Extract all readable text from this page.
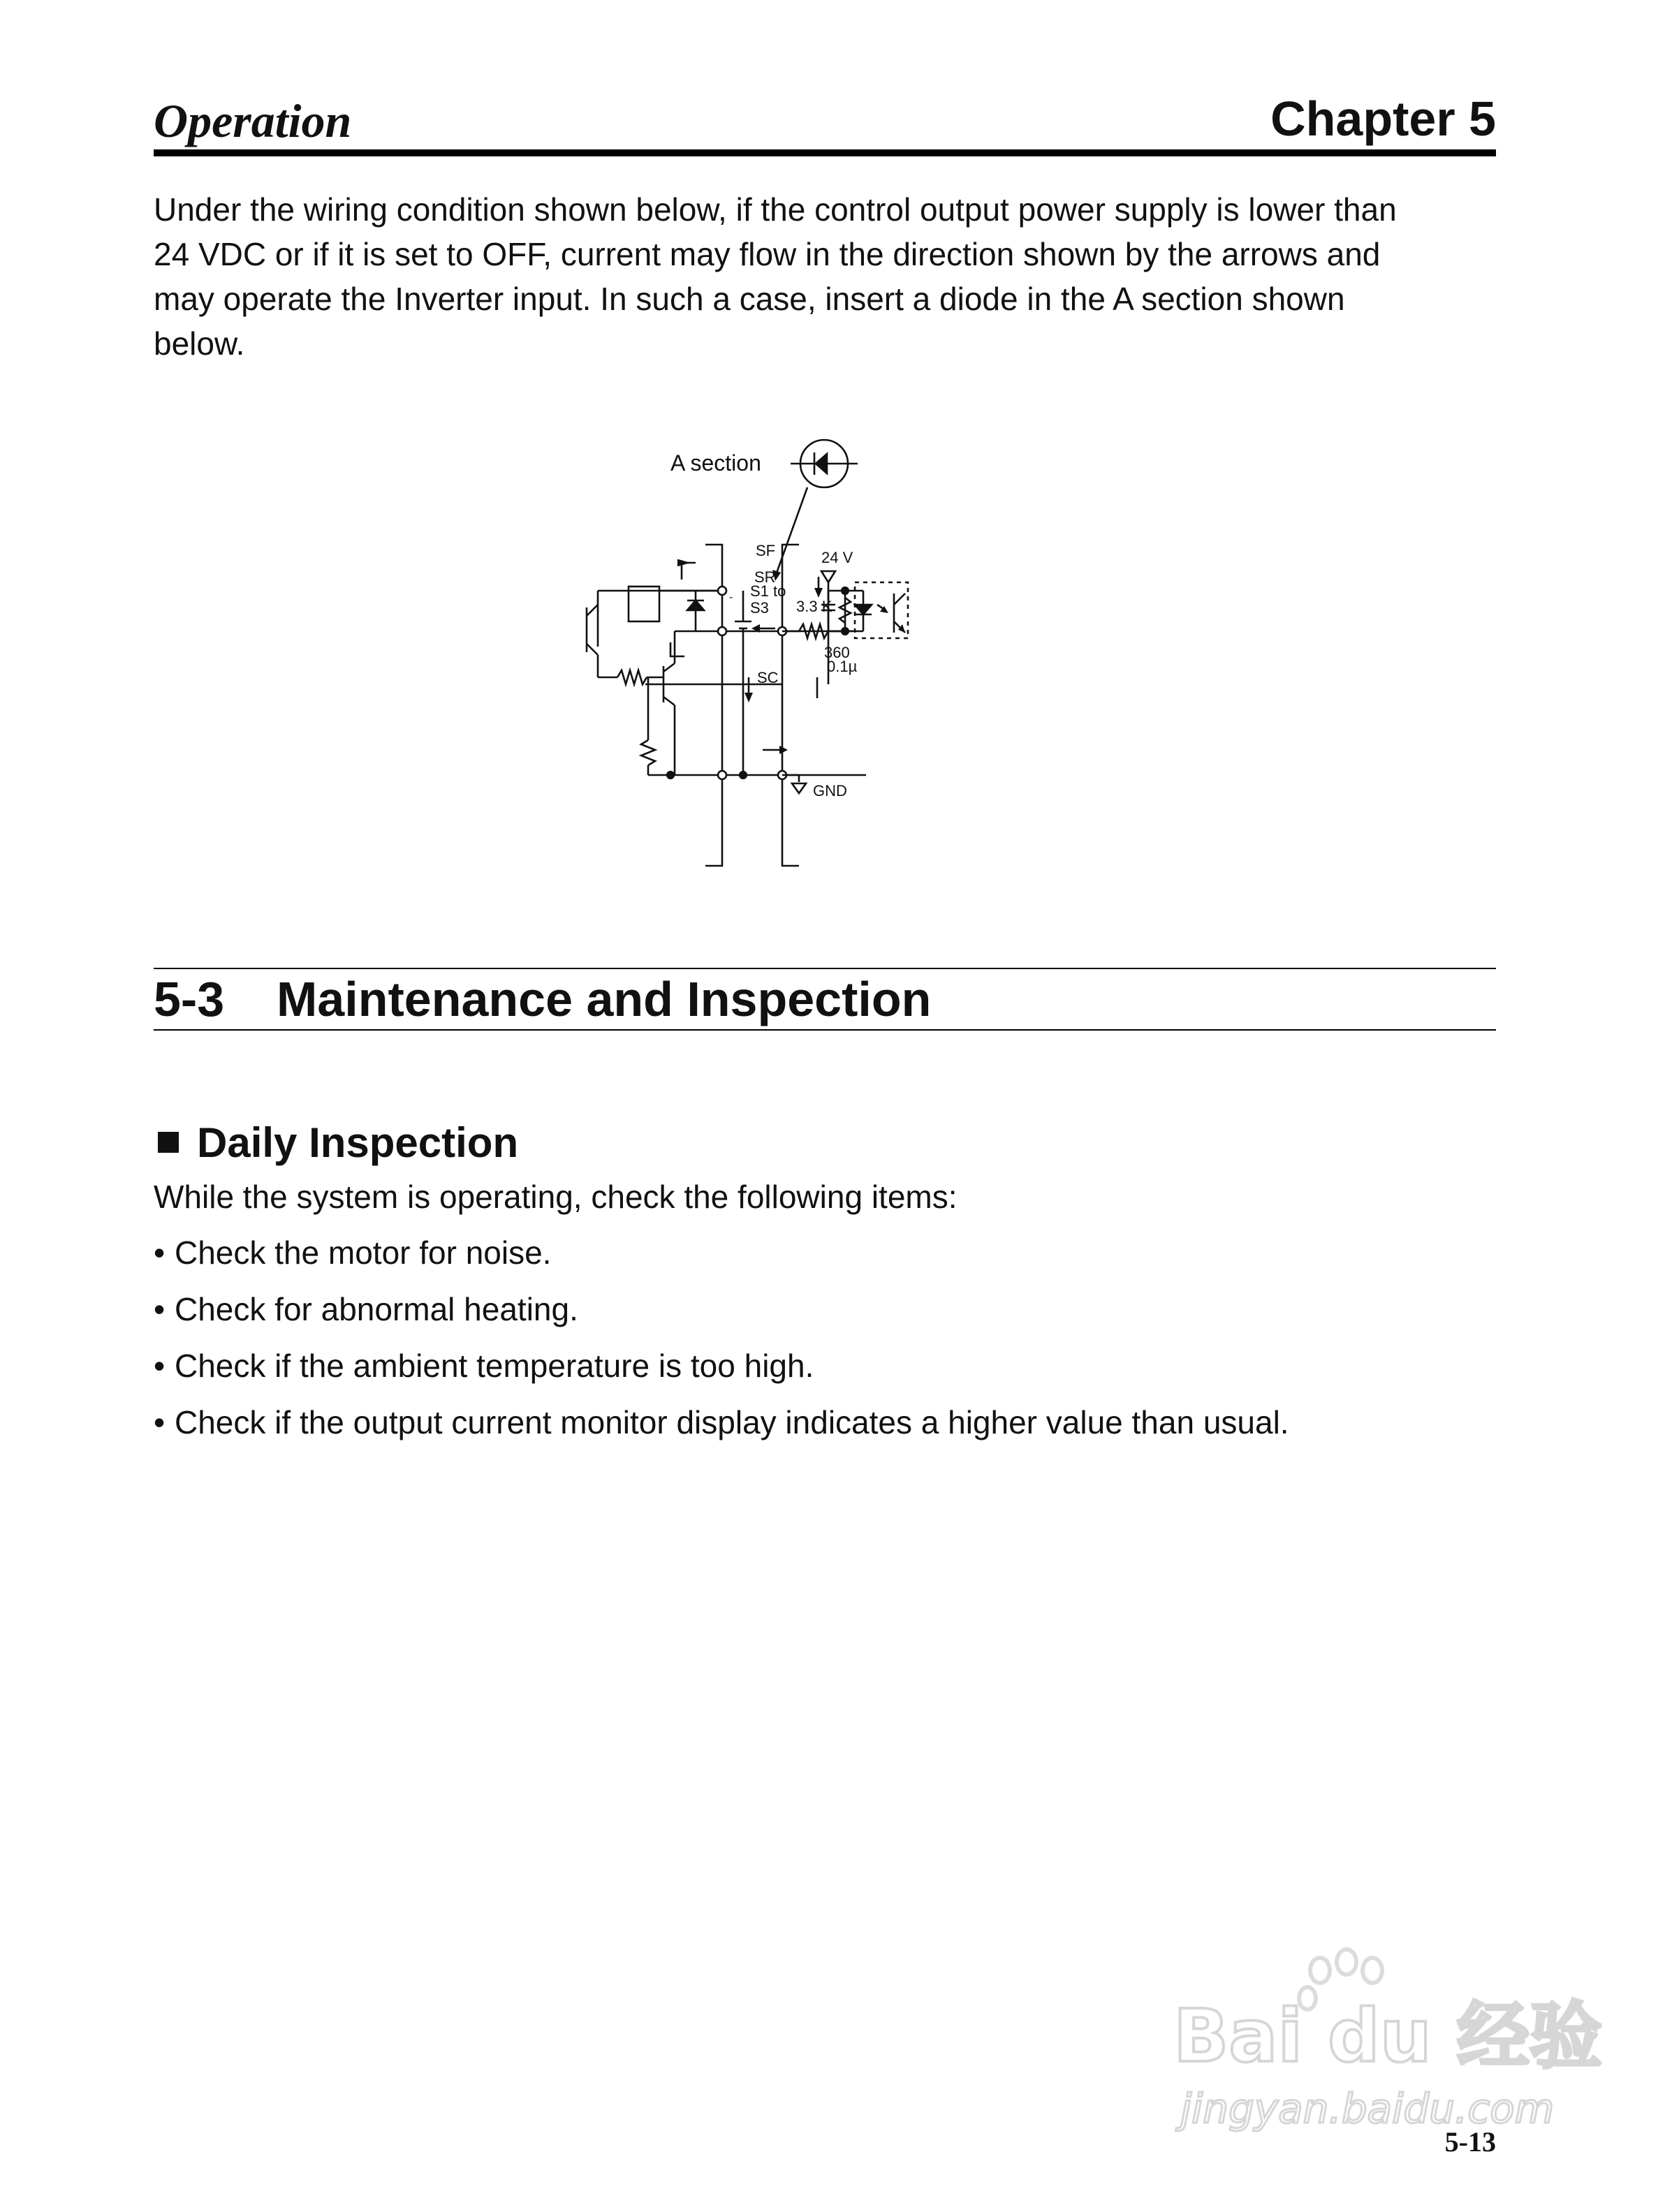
Operation	Chapter 5
Under the wiring condition shown below, if the control output power supply is lower than
24 VDC or if it is set to OFF, current may flow in the direction shown by the arrows and
may operate the Inverter input. In such a case, insert a diode in the A section shown
below.
A section
SF
SR
S1 to
S3
SC
-
24 V
3.3 K
360
0.1µ
GND
5-3	Maintenance and Inspection
Daily Inspection
While the system is operating, check the following items:
• Check the motor for noise.
• Check for abnormal heating.
• Check if the ambient temperature is too high.
• Check if the output current monitor display indicates a higher value than usual.
Bai du 经验
jingyan.baidu.com
5-13
